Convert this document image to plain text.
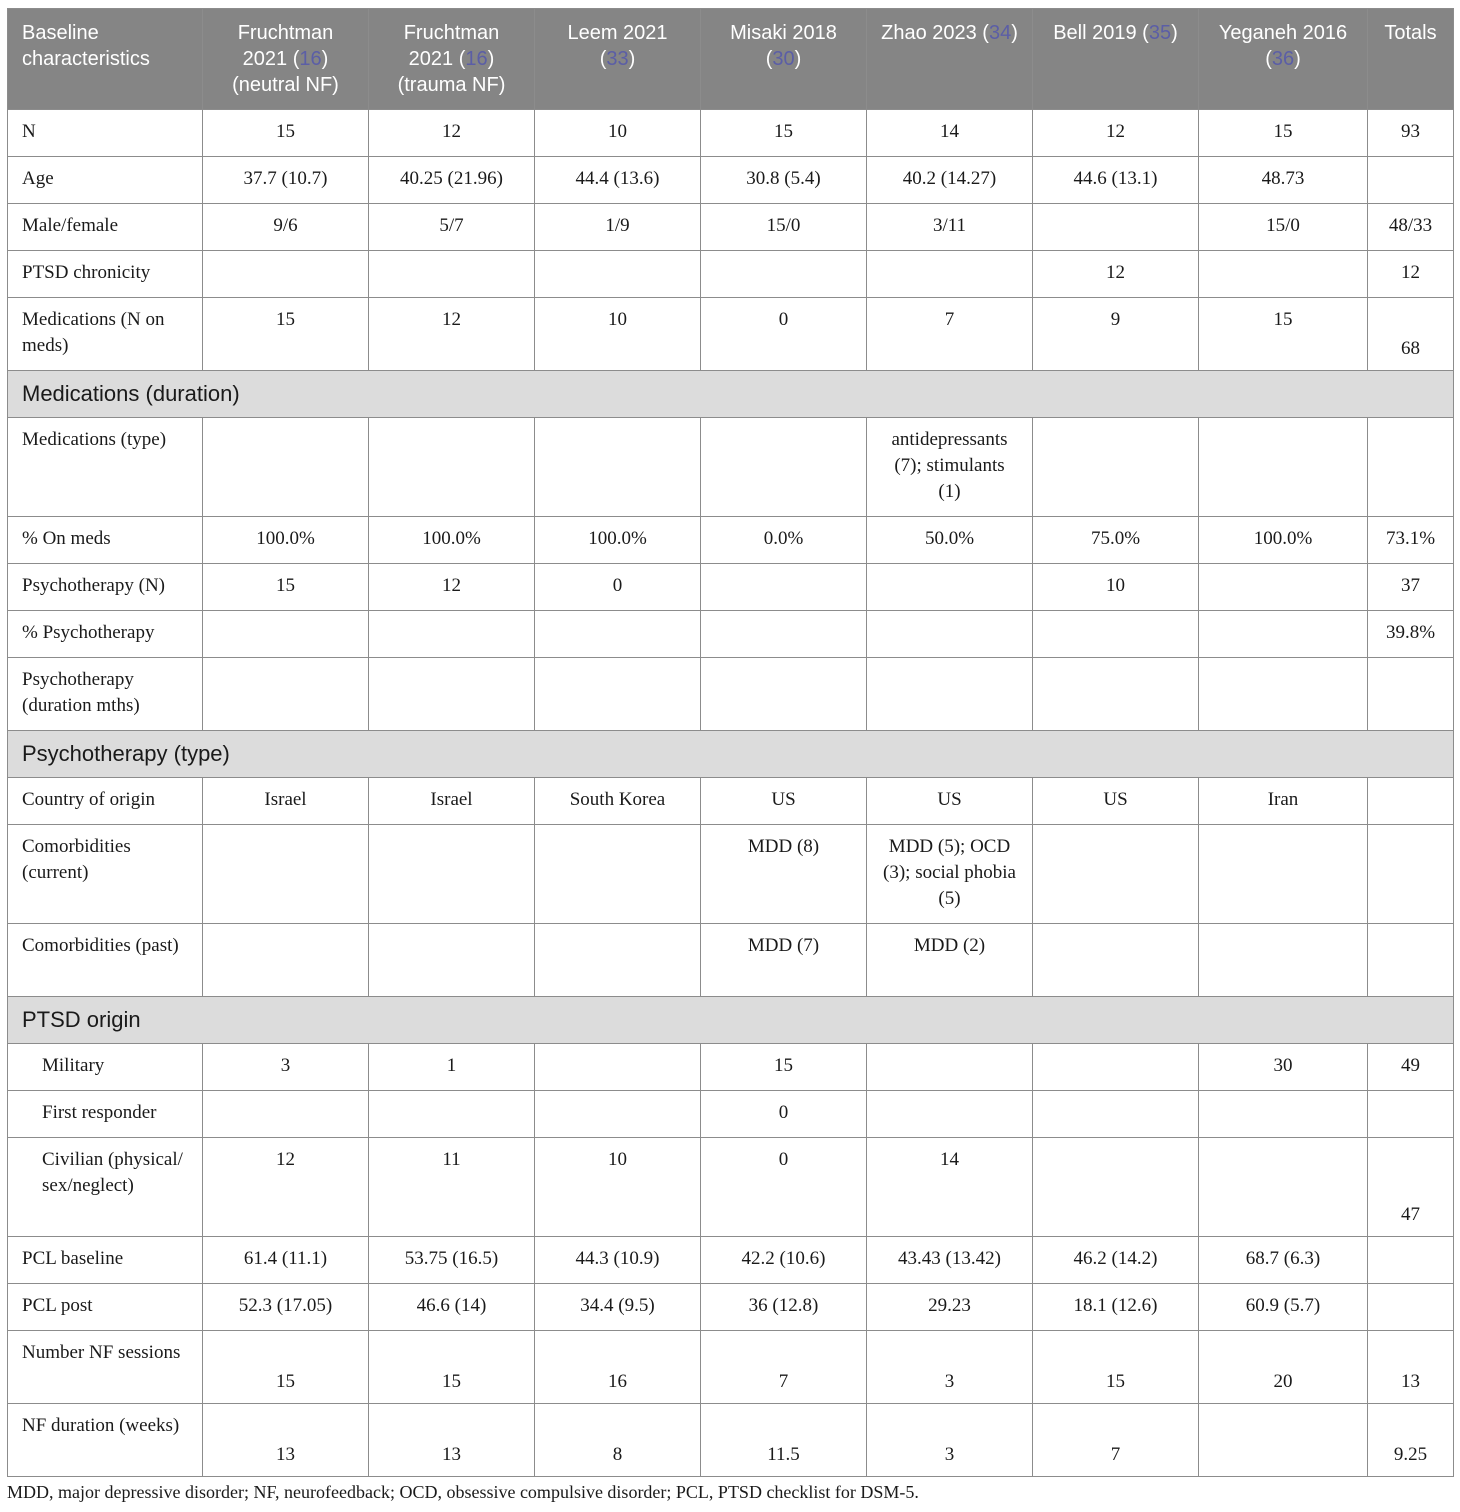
Baseline characteristics	Fruchtman 2021 (16) (neutral NF)	Fruchtman 2021 (16) (trauma NF)	Leem 2021 (33)	Misaki 2018 (30)	Zhao 2023 (34)	Bell 2019 (35)	Yeganeh 2016 (36)	Totals
N	15	12	10	15	14	12	15	93
Age	37.7 (10.7)	40.25 (21.96)	44.4 (13.6)	30.8 (5.4)	40.2 (14.27)	44.6 (13.1)	48.73	
Male/female	9/6	5/7	1/9	15/0	3/11		15/0	48/33
PTSD chronicity						12		12
Medications (N on meds)	15	12	10	0	7	9	15	68
Medications (duration)								
Medications (type)					antidepressants (7); stimulants (1)			
% On meds	100.0%	100.0%	100.0%	0.0%	50.0%	75.0%	100.0%	73.1%
Psychotherapy (N)	15	12	0			10		37
% Psychotherapy								39.8%
Psychotherapy (duration mths)								
Psychotherapy (type)								
Country of origin	Israel	Israel	South Korea	US	US	US	Iran	
Comorbidities (current)				MDD (8)	MDD (5); OCD (3); social phobia (5)			
Comorbidities (past)				MDD (7)	MDD (2)			
PTSD origin								
Military	3	1		15			30	49
First responder				0				
Civilian (physical/ sex/neglect)	12	11	10	0	14			47
PCL baseline	61.4 (11.1)	53.75 (16.5)	44.3 (10.9)	42.2 (10.6)	43.43 (13.42)	46.2 (14.2)	68.7 (6.3)	
PCL post	52.3 (17.05)	46.6 (14)	34.4 (9.5)	36 (12.8)	29.23	18.1 (12.6)	60.9 (5.7)	
Number NF sessions	15	15	16	7	3	15	20	13
NF duration (weeks)	13	13	8	11.5	3	7		9.25
MDD, major depressive disorder; NF, neurofeedback; OCD, obsessive compulsive disorder; PCL, PTSD checklist for DSM-5.
